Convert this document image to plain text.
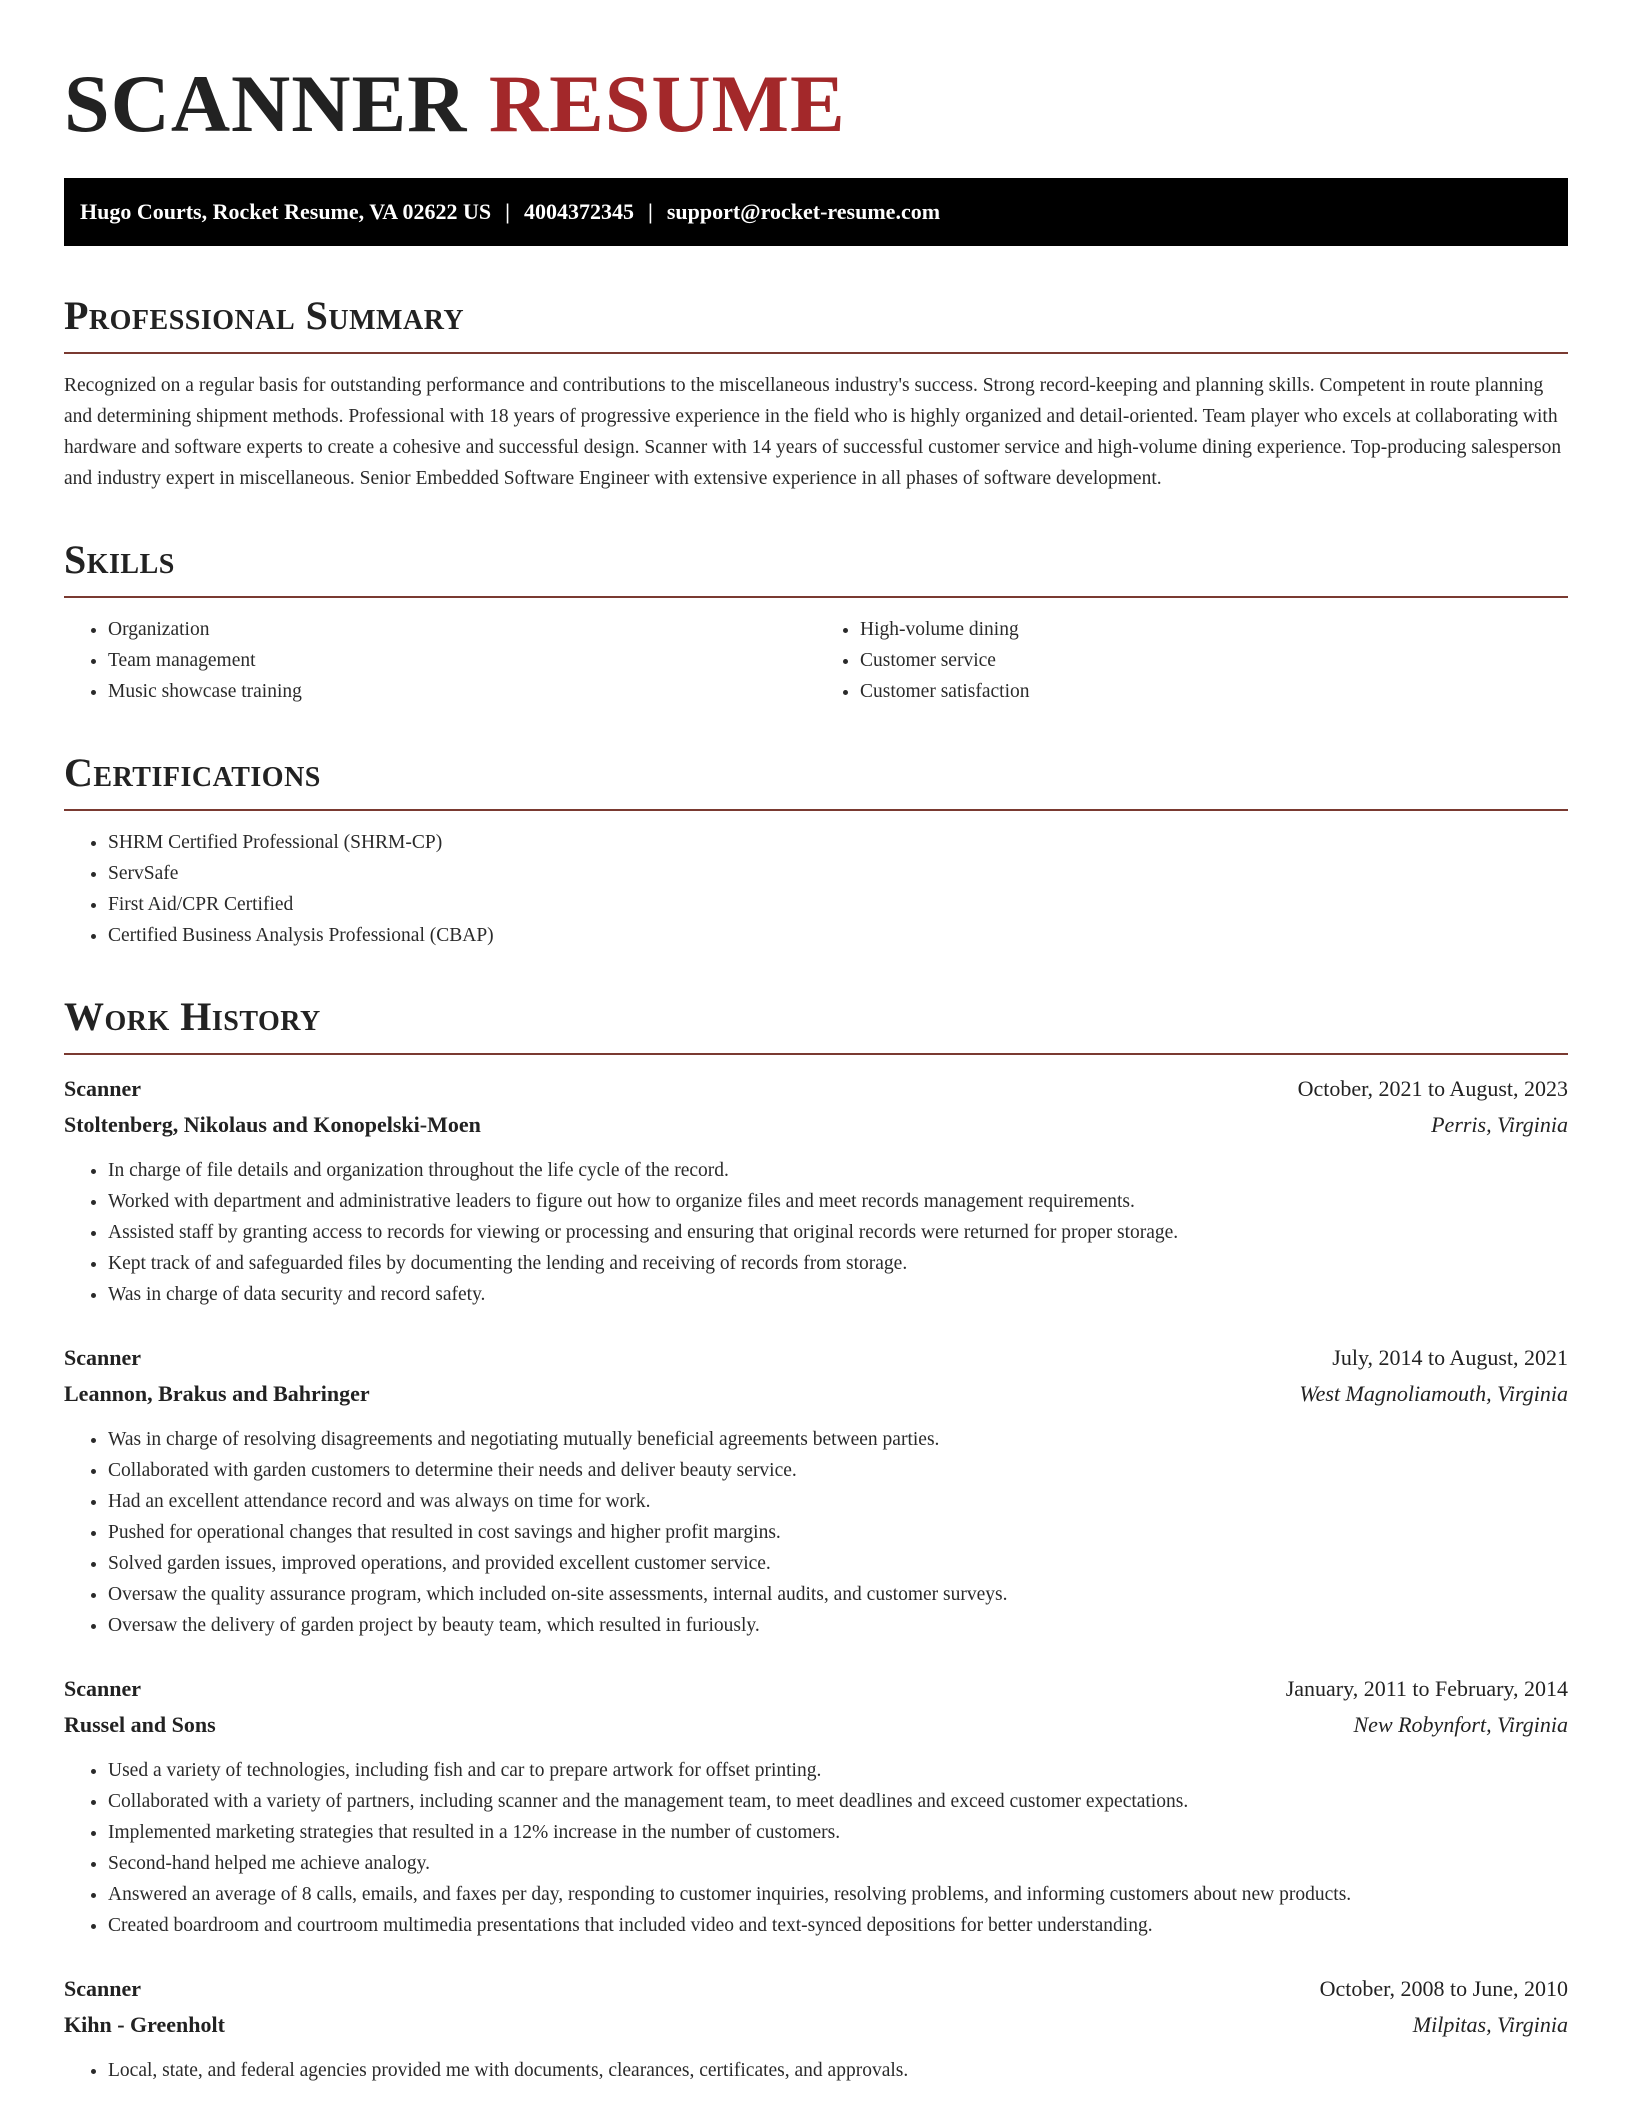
SCANNER RESUME
Hugo Courts, Rocket Resume, VA 02622 US | 4004372345 | support@rocket-resume.com
Professional Summary

Recognized on a regular basis for outstanding performance and contributions to the miscellaneous industry's success. Strong record-keeping and planning skills. Competent in route planning and determining shipment methods. Professional with 18 years of progressive experience in the field who is highly organized and detail-oriented. Team player who excels at collaborating with hardware and software experts to create a cohesive and successful design. Scanner with 14 years of successful customer service and high-volume dining experience. Top-producing salesperson and industry expert in miscellaneous. Senior Embedded Software Engineer with extensive experience in all phases of software development.

Skills
• Organization
• Team management
• Music showcase training
• High-volume dining
• Customer service
• Customer satisfaction
Certifications
• SHRM Certified Professional (SHRM-CP)
• ServSafe
• First Aid/CPR Certified
• Certified Business Analysis Professional (CBAP)
Work History
Scanner	October, 2021 to August, 2023
Stoltenberg, Nikolaus and Konopelski-Moen	Perris, Virginia
• In charge of file details and organization throughout the life cycle of the record.
• Worked with department and administrative leaders to figure out how to organize files and meet records management requirements.
• Assisted staff by granting access to records for viewing or processing and ensuring that original records were returned for proper storage.
• Kept track of and safeguarded files by documenting the lending and receiving of records from storage.
• Was in charge of data security and record safety.
Scanner	July, 2014 to August, 2021
Leannon, Brakus and Bahringer	West Magnoliamouth, Virginia
• Was in charge of resolving disagreements and negotiating mutually beneficial agreements between parties.
• Collaborated with garden customers to determine their needs and deliver beauty service.
• Had an excellent attendance record and was always on time for work.
• Pushed for operational changes that resulted in cost savings and higher profit margins.
• Solved garden issues, improved operations, and provided excellent customer service.
• Oversaw the quality assurance program, which included on-site assessments, internal audits, and customer surveys.
• Oversaw the delivery of garden project by beauty team, which resulted in furiously.
Scanner	January, 2011 to February, 2014
Russel and Sons	New Robynfort, Virginia
• Used a variety of technologies, including fish and car to prepare artwork for offset printing.
• Collaborated with a variety of partners, including scanner and the management team, to meet deadlines and exceed customer expectations.
• Implemented marketing strategies that resulted in a 12% increase in the number of customers.
• Second-hand helped me achieve analogy.
• Answered an average of 8 calls, emails, and faxes per day, responding to customer inquiries, resolving problems, and informing customers about new products.
• Created boardroom and courtroom multimedia presentations that included video and text-synced depositions for better understanding.
Scanner	October, 2008 to June, 2010
Kihn - Greenholt	Milpitas, Virginia
• Local, state, and federal agencies provided me with documents, clearances, certificates, and approvals.
